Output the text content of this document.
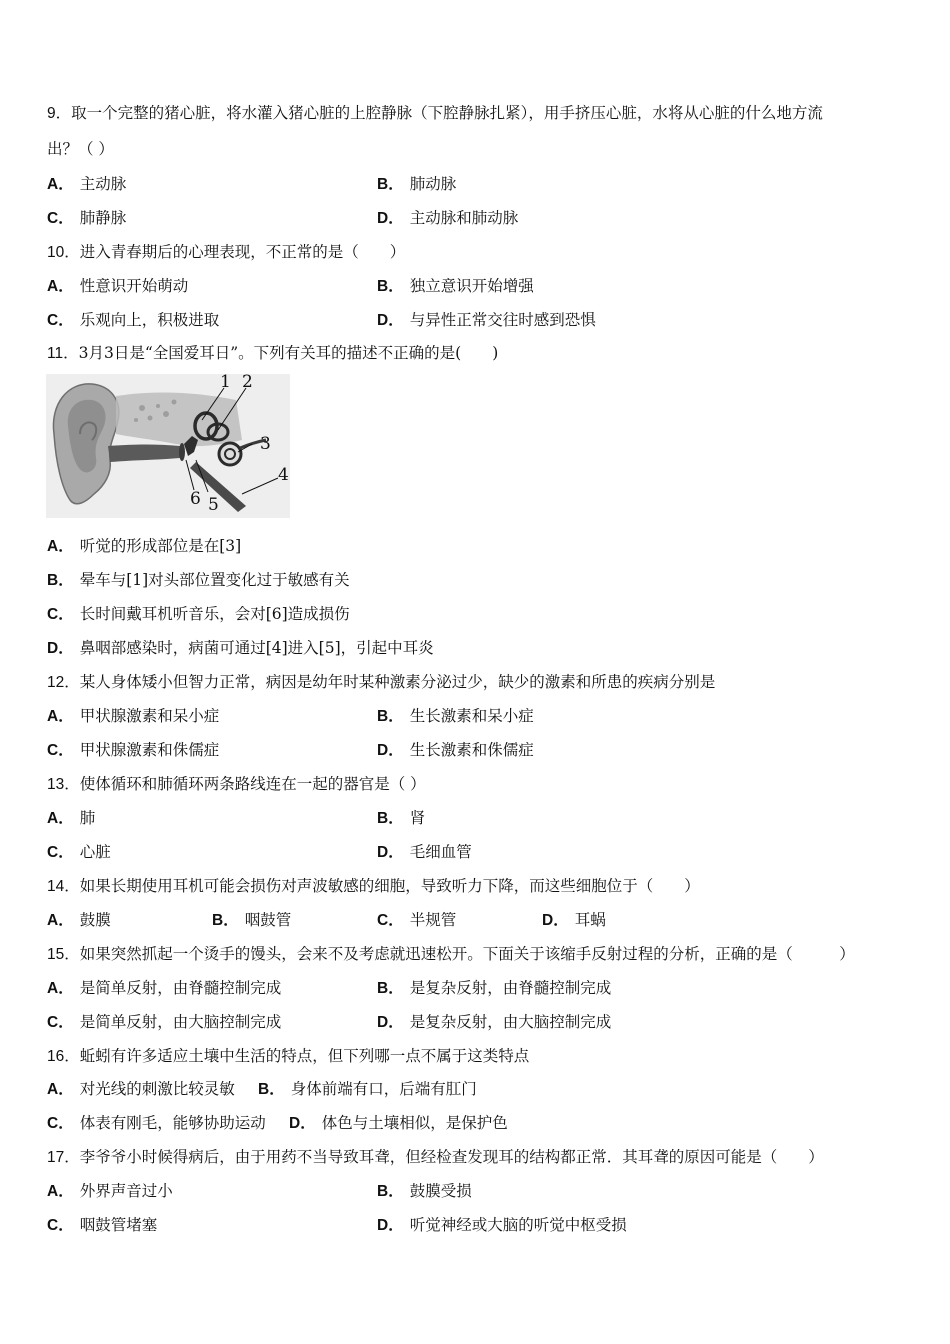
9．取一个完整的猪心脏，将水灌入猪心脏的上腔静脉（下腔静脉扎紧），用手挤压心脏，水将从心脏的什么地方流
出？（ ）
A． 主动脉	B． 肺动脉
C． 肺静脉	D． 主动脉和肺动脉
10．进入青春期后的心理表现，不正常的是（　　）
A． 性意识开始萌动	B． 独立意识开始增强
C． 乐观向上，积极进取	D． 与异性正常交往时感到恐惧
11．3月3日是“全国爱耳日”。下列有关耳的描述不正确的是(　　)
1 2
3
4
5
6
A． 听觉的形成部位是在[3]
B． 晕车与[1]对头部位置变化过于敏感有关
C． 长时间戴耳机听音乐，会对[6]造成损伤
D． 鼻咽部感染时，病菌可通过[4]进入[5]，引起中耳炎
12．某人身体矮小但智力正常，病因是幼年时某种激素分泌过少，缺少的激素和所患的疾病分别是
A． 甲状腺激素和呆小症	B． 生长激素和呆小症
C． 甲状腺激素和侏儒症	D． 生长激素和侏儒症
13．使体循环和肺循环两条路线连在一起的器官是（ ）
A． 肺	B． 肾
C． 心脏	D． 毛细血管
14．如果长期使用耳机可能会损伤对声波敏感的细胞，导致听力下降，而这些细胞位于（　　）
A． 鼓膜	B． 咽鼓管	C． 半规管	D． 耳蜗
15．如果突然抓起一个烫手的馒头，会来不及考虑就迅速松开。下面关于该缩手反射过程的分析，正确的是（　　　）
A． 是简单反射，由脊髓控制完成	B． 是复杂反射，由脊髓控制完成
C． 是简单反射，由大脑控制完成	D． 是复杂反射，由大脑控制完成
16．蚯蚓有许多适应土壤中生活的特点，但下列哪一点不属于这类特点
A． 对光线的刺激比较灵敏 B． 身体前端有口，后端有肛门
C． 体表有刚毛，能够协助运动 D． 体色与土壤相似，是保护色
17．李爷爷小时候得病后，由于用药不当导致耳聋，但经检查发现耳的结构都正常．其耳聋的原因可能是（　　）
A． 外界声音过小	B． 鼓膜受损
C． 咽鼓管堵塞	D． 听觉神经或大脑的听觉中枢受损
